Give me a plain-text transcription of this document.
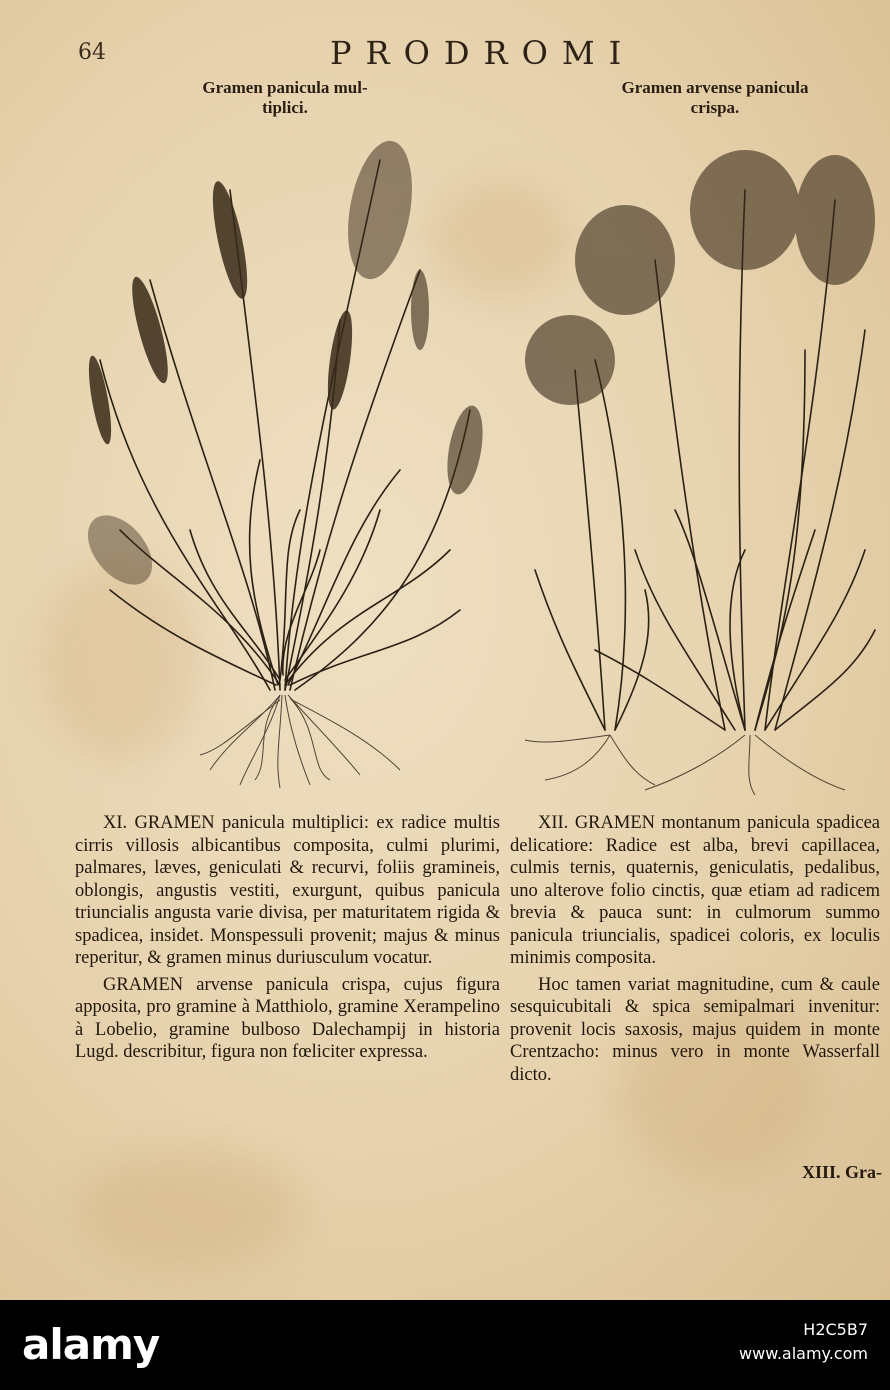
64	PRODROMI
Gramen panicula mul-
tiplici.
Gramen arvense panicula
crispa.

XI. GRAMEN panicula multiplici: ex radice multis cirris villosis albicantibus composita, culmi plurimi, palmares, læves, geniculati & recurvi, foliis gramineis, oblongis, angustis vestiti, exurgunt, quibus panicula triuncialis angusta varie divisa, per maturitatem rigida & spadicea, insidet. Monspessuli provenit; majus & minus reperitur, & gramen minus duriusculum vocatur.

GRAMEN arvense panicula crispa, cujus figura apposita, pro gramine à Matthiolo, gramine Xerampelino à Lobelio, gramine bulboso Dalechampij in historia Lugd. describitur, figura non fœliciter expressa.

XII. GRAMEN montanum panicula spadicea delicatiore: Radice est alba, brevi capillacea, culmis ternis, quaternis, geniculatis, pedalibus, uno alterove folio cinctis, quæ etiam ad radicem brevia & pauca sunt: in culmorum summo panicula triuncialis, spadicei coloris, ex loculis minimis composita.

Hoc tamen variat magnitudine, cum & caule sesquicubitali & spica semipalmari invenitur: provenit locis saxosis, majus quidem in monte Crentzacho: minus vero in monte Wasserfall dicto.

XIII. Gra-
alamy	H2C5B7
www.alamy.com
